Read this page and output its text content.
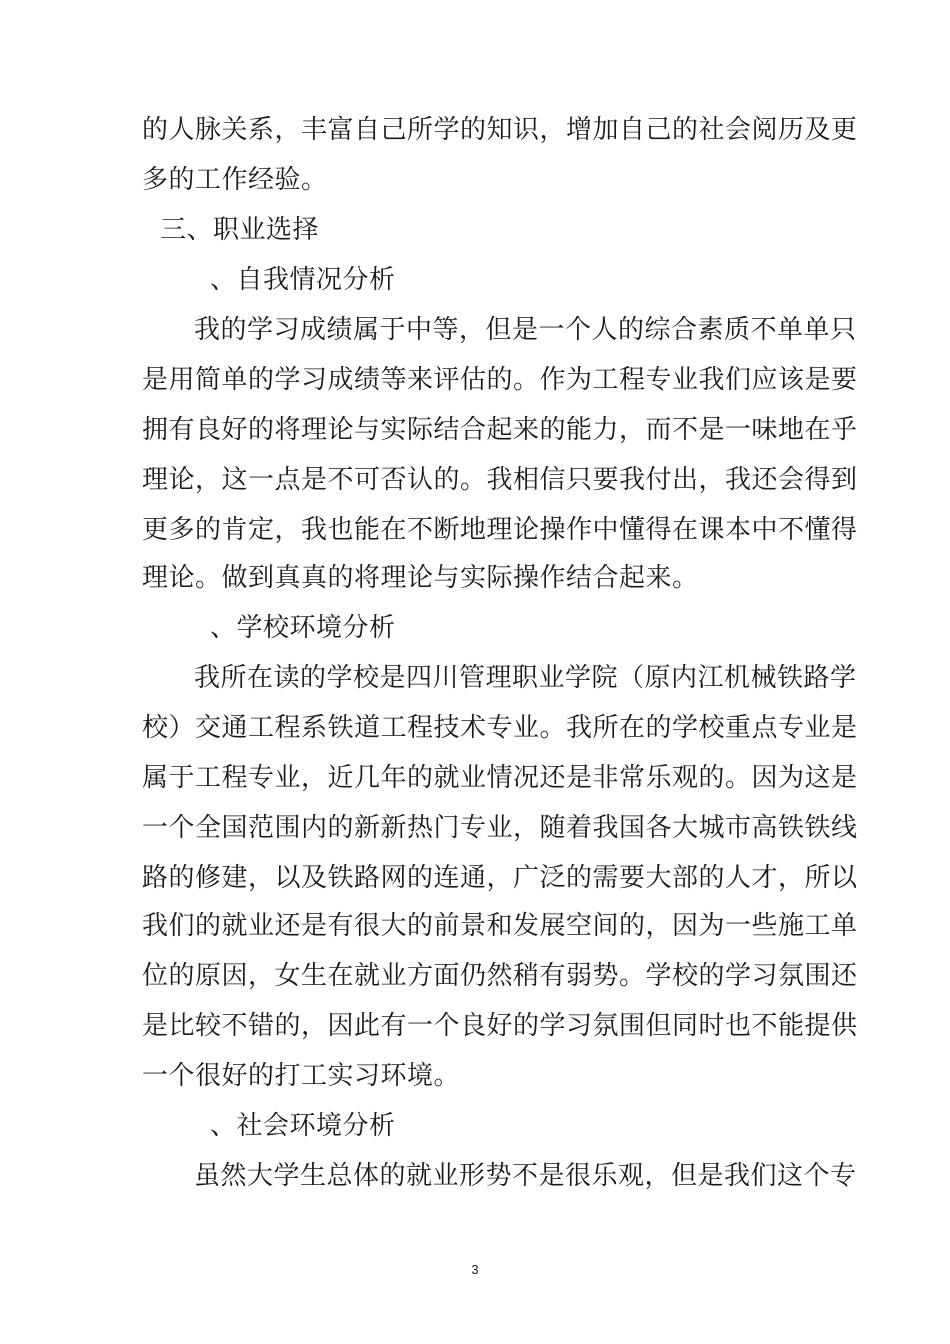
的人脉关系，丰富自己所学的知识，增加自己的社会阅历及更
多的工作经验。
三、职业选择
、自我情况分析
我的学习成绩属于中等，但是一个人的综合素质不单单只
是用简单的学习成绩等来评估的。作为工程专业我们应该是要
拥有良好的将理论与实际结合起来的能力，而不是一味地在乎
理论，这一点是不可否认的。我相信只要我付出，我还会得到
更多的肯定，我也能在不断地理论操作中懂得在课本中不懂得
理论。做到真真的将理论与实际操作结合起来。
、学校环境分析
我所在读的学校是四川管理职业学院（原内江机械铁路学
校）交通工程系铁道工程技术专业。我所在的学校重点专业是
属于工程专业，近几年的就业情况还是非常乐观的。因为这是
一个全国范围内的新新热门专业，随着我国各大城市高铁铁线
路的修建，以及铁路网的连通，广泛的需要大部的人才，所以
我们的就业还是有很大的前景和发展空间的，因为一些施工单
位的原因，女生在就业方面仍然稍有弱势。学校的学习氛围还
是比较不错的，因此有一个良好的学习氛围但同时也不能提供
一个很好的打工实习环境。
、社会环境分析
虽然大学生总体的就业形势不是很乐观，但是我们这个专
3
